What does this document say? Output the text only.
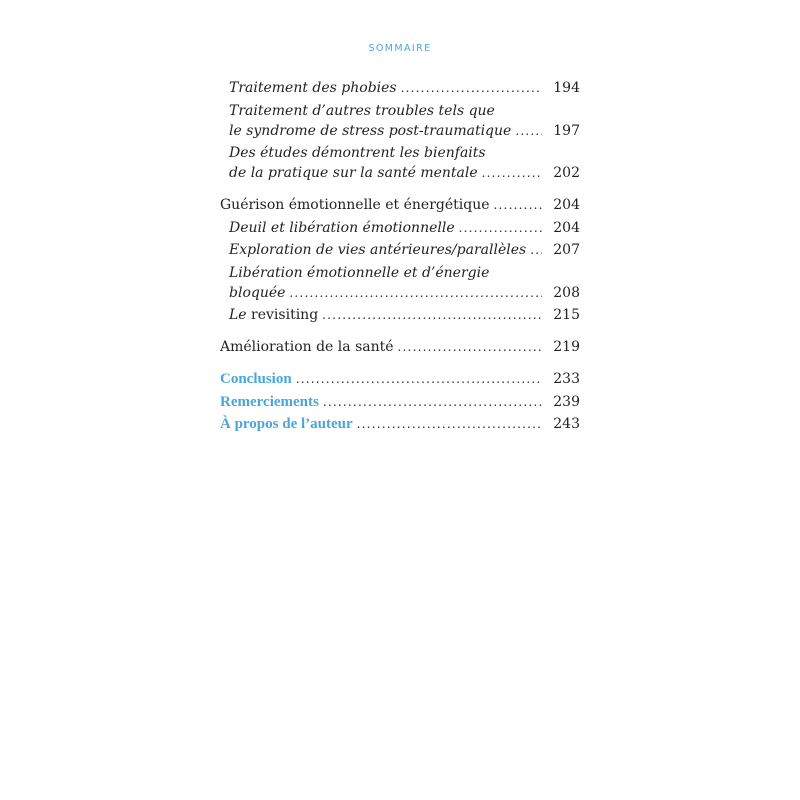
SOMMAIRE
Traitement des phobies .....	194
Traitement d’autres troubles tels que
le syndrome de stress post-traumatique .....	197
Des études démontrent les bienfaits
de la pratique sur la santé mentale .....	202
Guérison émotionnelle et énergétique .....	204
Deuil et libération émotionnelle .....	204
Exploration de vies antérieures/parallèles .....	207
Libération émotionnelle et d’énergie
bloquée .....	208
Le revisiting .....	215
Amélioration de la santé .....	219
Conclusion .....	233
Remerciements .....	239
À propos de l’auteur .....	243
